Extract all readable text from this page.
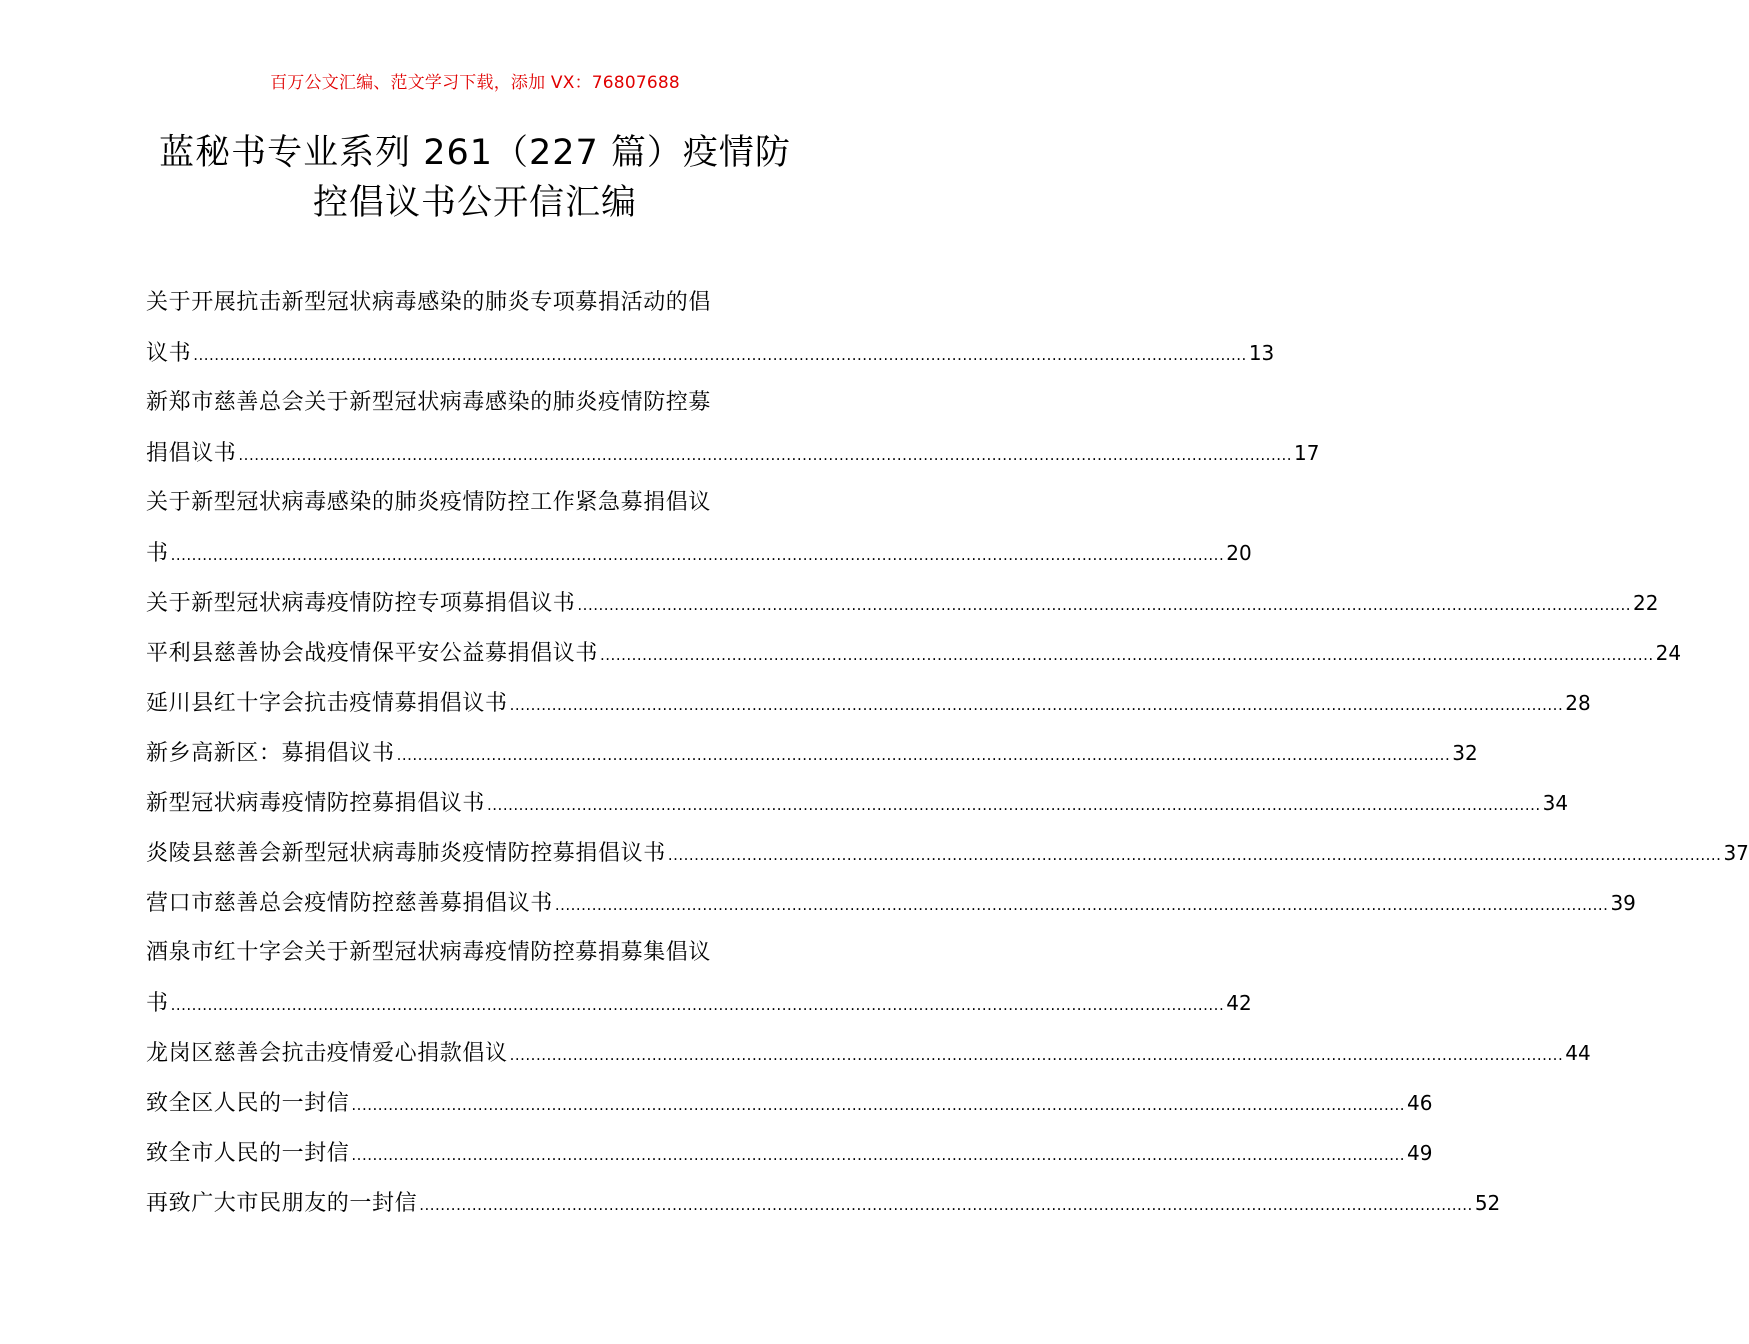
百万公文汇编、范文学习下载，添加 VX：76807688
蓝秘书专业系列 261（227 篇）疫情防
控倡议书公开信汇编
关于开展抗击新型冠状病毒感染的肺炎专项募捐活动的倡
议书 ........................................................................................................................................................................................................ 13
新郑市慈善总会关于新型冠状病毒感染的肺炎疫情防控募
捐倡议书 ........................................................................................................................................................................................................ 17
关于新型冠状病毒感染的肺炎疫情防控工作紧急募捐倡议
书 ........................................................................................................................................................................................................ 20
关于新型冠状病毒疫情防控专项募捐倡议书 ........................................................................................................................................................................................................ 22
平利县慈善协会战疫情保平安公益募捐倡议书 ........................................................................................................................................................................................................ 24
延川县红十字会抗击疫情募捐倡议书 ........................................................................................................................................................................................................ 28
新乡高新区：募捐倡议书 ........................................................................................................................................................................................................ 32
新型冠状病毒疫情防控募捐倡议书 ........................................................................................................................................................................................................ 34
炎陵县慈善会新型冠状病毒肺炎疫情防控募捐倡议书 ........................................................................................................................................................................................................ 37
营口市慈善总会疫情防控慈善募捐倡议书 ........................................................................................................................................................................................................ 39
酒泉市红十字会关于新型冠状病毒疫情防控募捐募集倡议
书 ........................................................................................................................................................................................................ 42
龙岗区慈善会抗击疫情爱心捐款倡议 ........................................................................................................................................................................................................ 44
致全区人民的一封信 ........................................................................................................................................................................................................ 46
致全市人民的一封信 ........................................................................................................................................................................................................ 49
再致广大市民朋友的一封信 ........................................................................................................................................................................................................ 52
